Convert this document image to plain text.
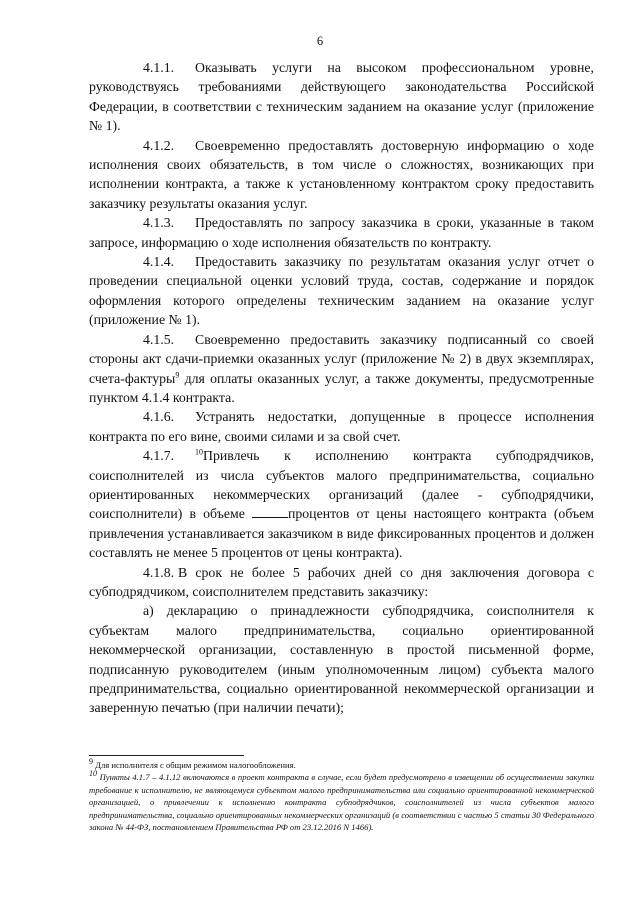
6

4.1.1. Оказывать услуги на высоком профессиональном уровне, руководствуясь требованиями действующего законодательства Российской Федерации, в соответствии с техническим заданием на оказание услуг (приложение № 1).

4.1.2. Своевременно предоставлять достоверную информацию о ходе исполнения своих обязательств, в том числе о сложностях, возникающих при исполнении контракта, а также к установленному контрактом сроку предоставить заказчику результаты оказания услуг.

4.1.3. Предоставлять по запросу заказчика в сроки, указанные в таком запросе, информацию о ходе исполнения обязательств по контракту.

4.1.4. Предоставить заказчику по результатам оказания услуг отчет о проведении специальной оценки условий труда, состав, содержание и порядок оформления которого определены техническим заданием на оказание услуг (приложение № 1).

4.1.5. Своевременно предоставить заказчику подписанный со своей стороны акт сдачи-приемки оказанных услуг (приложение № 2) в двух экземплярах, счета-фактуры$^9$ для оплаты оказанных услуг, а также документы, предусмотренные пунктом 4.1.4 контракта.

4.1.6. Устранять недостатки, допущенные в процессе исполнения контракта по его вине, своими силами и за свой счет.

4.1.7.	$^{10}$Привлечь к исполнению контракта субподрядчиков, соисполнителей из числа субъектов малого предпринимательства, социально ориентированных некоммерческих организаций (далее - субподрядчики, соисполнители) в объеме	процентов от цены настоящего контракта (объем привлечения устанавливается заказчиком в виде фиксированных процентов и должен составлять не менее 5 процентов от цены контракта).

4.1.8. В срок не более 5 рабочих дней со дня заключения договора с субподрядчиком, соисполнителем представить заказчику:

а) декларацию о принадлежности субподрядчика, соисполнителя к субъектам малого предпринимательства, социально ориентированной некоммерческой организации, составленную в простой письменной форме, подписанную руководителем (иным уполномоченным лицом) субъекта малого предпринимательства, социально ориентированной некоммерческой организации и заверенную печатью (при наличии печати);

$^9$ Для исполнителя с общим режимом налогообложения.

$^{10}$ Пункты 4.1.7 – 4.1.12 включаются в проект контракта в случае, если будет предусмотрено в извещении об осуществлении закупки требование к исполнителю, не являющемуся субъектом малого предпринимательства или социально ориентированной некоммерческой организацией, о привлечении к исполнению контракта субподрядчиков, соисполнителей из числа субъектов малого предпринимательства, социально ориентированных некоммерческих организаций (в соответствии с частью 5 статьи 30 Федерального закона № 44-ФЗ, постановлением Правительства РФ от 23.12.2016 N 1466).
